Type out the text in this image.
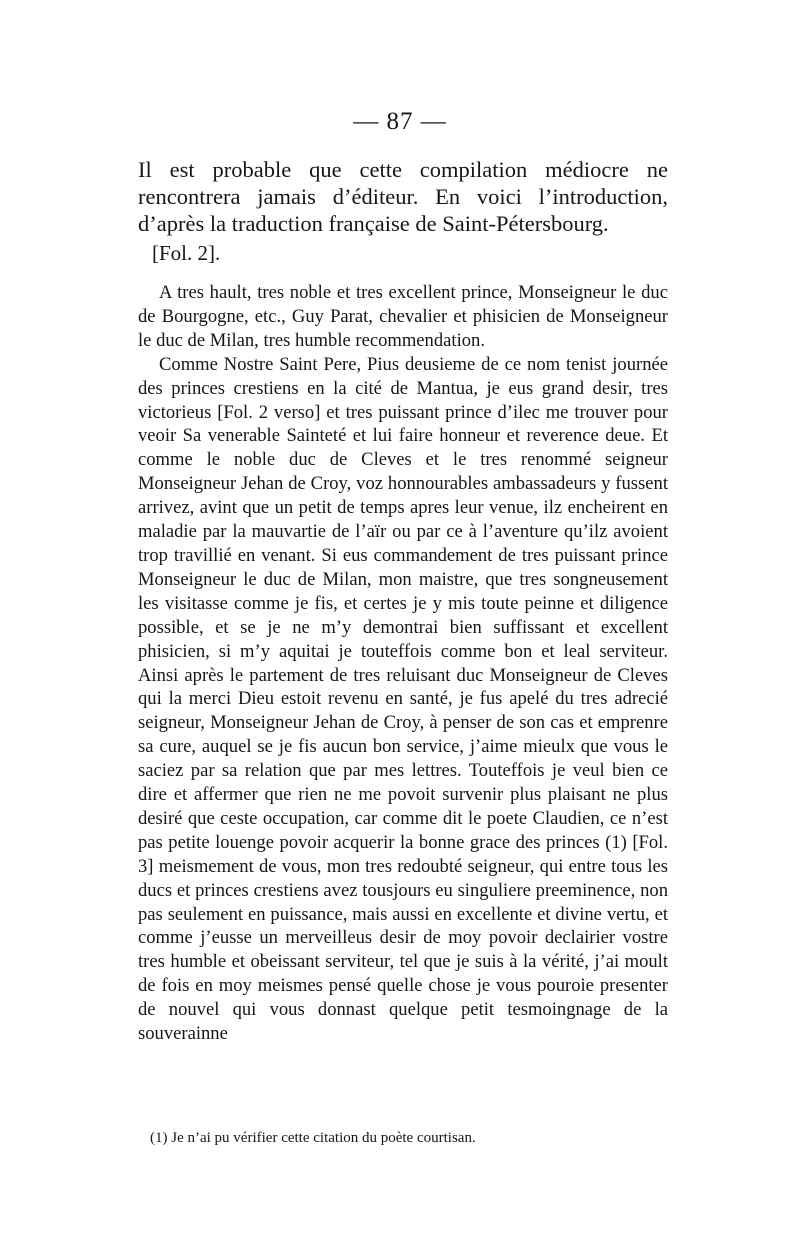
— 87 —

Il est probable que cette compilation médiocre ne rencontrera jamais d’éditeur. En voici l’introduction, d’après la traduction française de Saint-Pétersbourg.

[Fol. 2].

A tres hault, tres noble et tres excellent prince, Monseigneur le duc de Bourgogne, etc., Guy Parat, chevalier et phisicien de Monseigneur le duc de Milan, tres humble recommendation.

Comme Nostre Saint Pere, Pius deusieme de ce nom tenist journée des princes crestiens en la cité de Mantua, je eus grand desir, tres victorieus [Fol. 2 verso] et tres puissant prince d’ilec me trouver pour veoir Sa venerable Sainteté et lui faire honneur et reverence deue. Et comme le noble duc de Cleves et le tres renommé seigneur Monseigneur Jehan de Croy, voz honnourables ambassadeurs y fussent arrivez, avint que un petit de temps apres leur venue, ilz encheirent en maladie par la mauvartie de l’aïr ou par ce à l’aventure qu’ilz avoient trop travillié en venant. Si eus commandement de tres puissant prince Monseigneur le duc de Milan, mon maistre, que tres songneusement les visitasse comme je fis, et certes je y mis toute peinne et diligence possible, et se je ne m’y demontrai bien suffissant et excellent phisicien, si m’y aquitai je touteffois comme bon et leal serviteur. Ainsi après le partement de tres reluisant duc Monseigneur de Cleves qui la merci Dieu estoit revenu en santé, je fus apelé du tres adrecié seigneur, Monseigneur Jehan de Croy, à penser de son cas et emprenre sa cure, auquel se je fis aucun bon service, j’aime mieulx que vous le saciez par sa relation que par mes lettres. Touteffois je veul bien ce dire et affermer que rien ne me povoit survenir plus plaisant ne plus desiré que ceste occupation, car comme dit le poete Claudien, ce n’est pas petite louenge povoir acquerir la bonne grace des princes (1) [Fol. 3] meismement de vous, mon tres redoubté seigneur, qui entre tous les ducs et princes crestiens avez tousjours eu singuliere preeminence, non pas seulement en puissance, mais aussi en excellente et divine vertu, et comme j’eusse un merveilleus desir de moy povoir declairier vostre tres humble et obeissant serviteur, tel que je suis à la vérité, j’ai moult de fois en moy meismes pensé quelle chose je vous pouroie presenter de nouvel qui vous donnast quelque petit tesmoingnage de la souverainne

(1) Je n’ai pu vérifier cette citation du poète courtisan.
